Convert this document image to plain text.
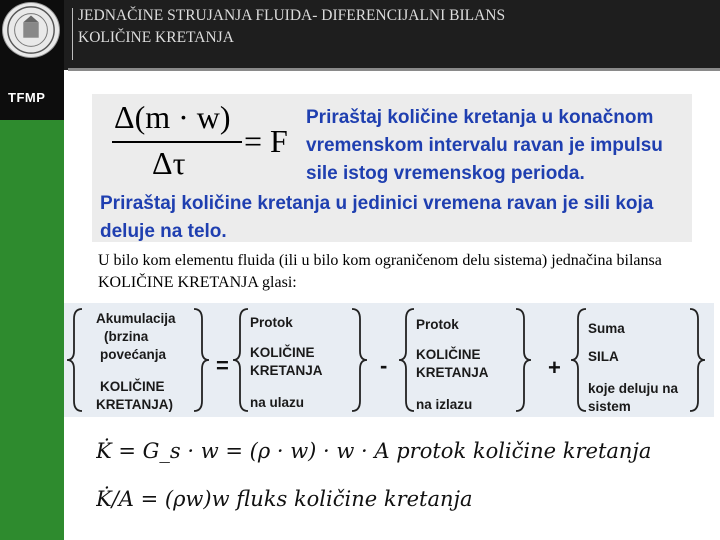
TFMP
JEDNAČINE STRUJANJA FLUIDA- DIFERENCIJALNI BILANS
KOLIČINE KRETANJA
Δ(m · w)
Δτ
= F
Priraštaj količine kretanja u konačnom vremenskom intervalu ravan je impulsu sile istog vremenskog perioda.
Priraštaj količine kretanja u jedinici vremena ravan je sili koja deluje na telo.
U bilo kom elementu fluida (ili u bilo kom ograničenom delu sistema) jednačina bilansa KOLIČINE KRETANJA glasi:
Akumulacija
(brzina
povećanja
KOLIČINE
KRETANJA)
=
Protok
KOLIČINE
KRETANJA
na ulazu
-
Protok
KOLIČINE
KRETANJA
na izlazu
+
Suma
SILA
koje deluju na
sistem
K̇ = G_s · w = (ρ · w) · w · A protok količine kretanja
K̇/A = (ρw)w fluks količine kretanja
